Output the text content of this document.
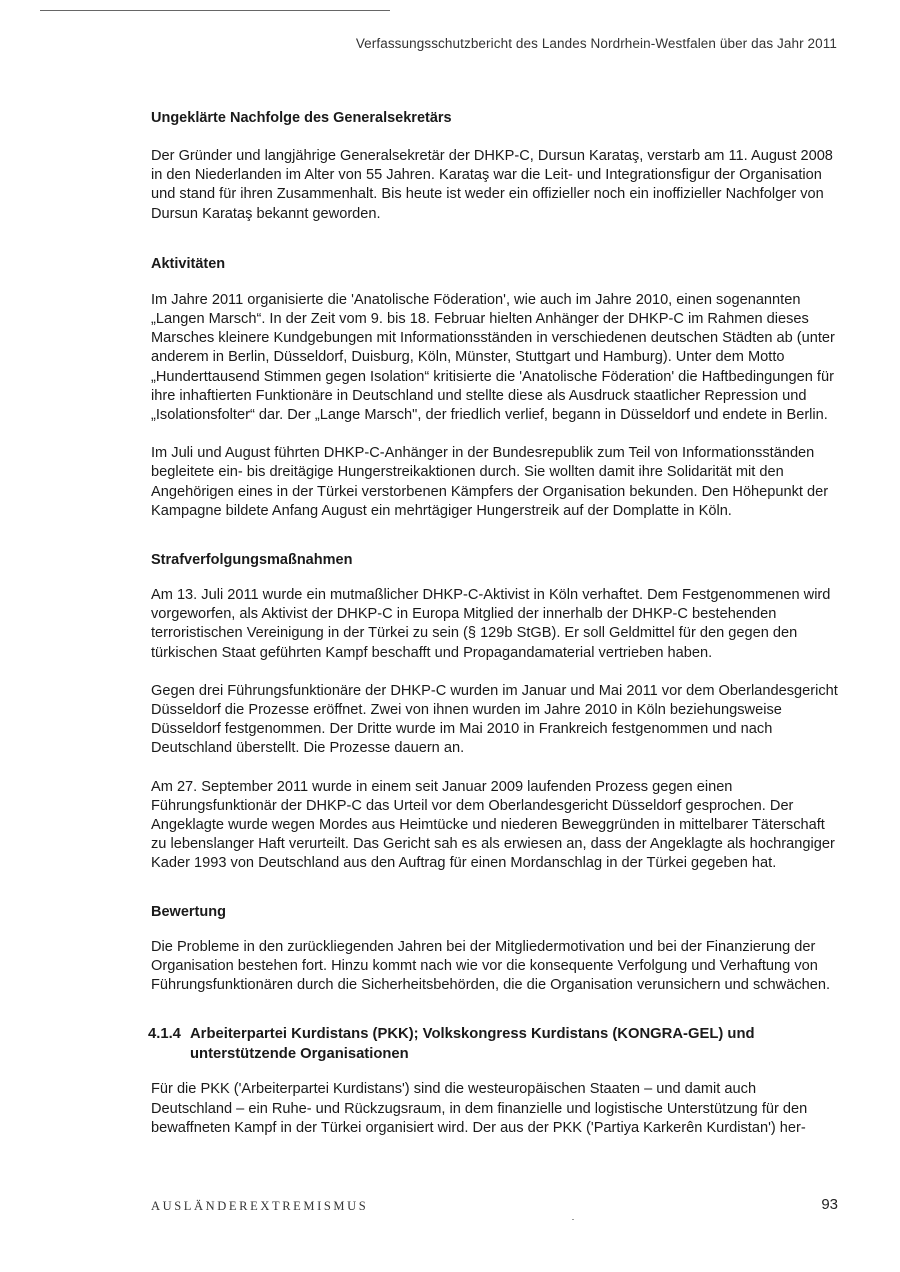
Verfassungsschutzbericht des Landes Nordrhein-Westfalen über das Jahr 2011
Ungeklärte Nachfolge des Generalsekretärs

Der Gründer und langjährige Generalsekretär der DHKP-C, Dursun Karataş, verstarb am 11. August 2008 in den Niederlanden im Alter von 55 Jahren. Karataş war die Leit- und Integrationsfigur der Organisation und stand für ihren Zusammenhalt. Bis heute ist weder ein offizieller noch ein inoffizieller Nachfolger von Dursun Karataş bekannt geworden.

Aktivitäten

Im Jahre 2011 organisierte die 'Anatolische Föderation', wie auch im Jahre 2010, einen sogenannten „Langen Marsch“. In der Zeit vom 9. bis 18. Februar hielten Anhänger der DHKP-C im Rahmen dieses Marsches kleinere Kundgebungen mit Informationsständen in verschiedenen deutschen Städten ab (unter anderem in Berlin, Düsseldorf, Duisburg, Köln, Münster, Stuttgart und Hamburg). Unter dem Motto „Hunderttausend Stimmen gegen Isolation“ kritisierte die 'Anatolische Föderation' die Haftbedingungen für ihre inhaftierten Funktionäre in Deutschland und stellte diese als Ausdruck staatlicher Repression und „Isolationsfolter“ dar. Der „Lange Marsch", der friedlich verlief, begann in Düsseldorf und endete in Berlin.

Im Juli und August führten DHKP-C-Anhänger in der Bundesrepublik zum Teil von Informationsständen begleitete ein- bis dreitägige Hungerstreikaktionen durch. Sie wollten damit ihre Solidarität mit den Angehörigen eines in der Türkei verstorbenen Kämpfers der Organisation bekunden. Den Höhepunkt der Kampagne bildete Anfang August ein mehrtägiger Hungerstreik auf der Domplatte in Köln.

Strafverfolgungsmaßnahmen

Am 13. Juli 2011 wurde ein mutmaßlicher DHKP-C-Aktivist in Köln verhaftet. Dem Festgenommenen wird vorgeworfen, als Aktivist der DHKP-C in Europa Mitglied der innerhalb der DHKP-C bestehenden terroristischen Vereinigung in der Türkei zu sein (§ 129b StGB). Er soll Geldmittel für den gegen den türkischen Staat geführten Kampf beschafft und Propagandamaterial vertrieben haben.

Gegen drei Führungsfunktionäre der DHKP-C wurden im Januar und Mai 2011 vor dem Oberlandesgericht Düsseldorf die Prozesse eröffnet. Zwei von ihnen wurden im Jahre 2010 in Köln beziehungsweise Düsseldorf festgenommen. Der Dritte wurde im Mai 2010 in Frankreich festgenommen und nach Deutschland überstellt. Die Prozesse dauern an.

Am 27. September 2011 wurde in einem seit Januar 2009 laufenden Prozess gegen einen Führungsfunktionär der DHKP-C das Urteil vor dem Oberlandesgericht Düsseldorf gesprochen. Der Angeklagte wurde wegen Mordes aus Heimtücke und niederen Beweggründen in mittelbarer Täterschaft zu lebenslanger Haft verurteilt. Das Gericht sah es als erwiesen an, dass der Angeklagte als hochrangiger Kader 1993 von Deutschland aus den Auftrag für einen Mordanschlag in der Türkei gegeben hat.

Bewertung

Die Probleme in den zurückliegenden Jahren bei der Mitgliedermotivation und bei der Finanzierung der Organisation bestehen fort. Hinzu kommt nach wie vor die konsequente Verfolgung und Verhaftung von Führungsfunktionären durch die Sicherheitsbehörden, die die Organisation verunsichern und schwächen.

4.1.4 Arbeiterpartei Kurdistans (PKK); Volkskongress Kurdistans (KONGRA-GEL) und unterstützende Organisationen

Für die PKK ('Arbeiterpartei Kurdistans') sind die westeuropäischen Staaten – und damit auch Deutschland – ein Ruhe- und Rückzugsraum, in dem finanzielle und logistische Unterstützung für den bewaffneten Kampf in der Türkei organisiert wird. Der aus der PKK ('Partiya Karkerên Kurdistan') her-

AUSLÄNDEREXTREMISMUS	93
